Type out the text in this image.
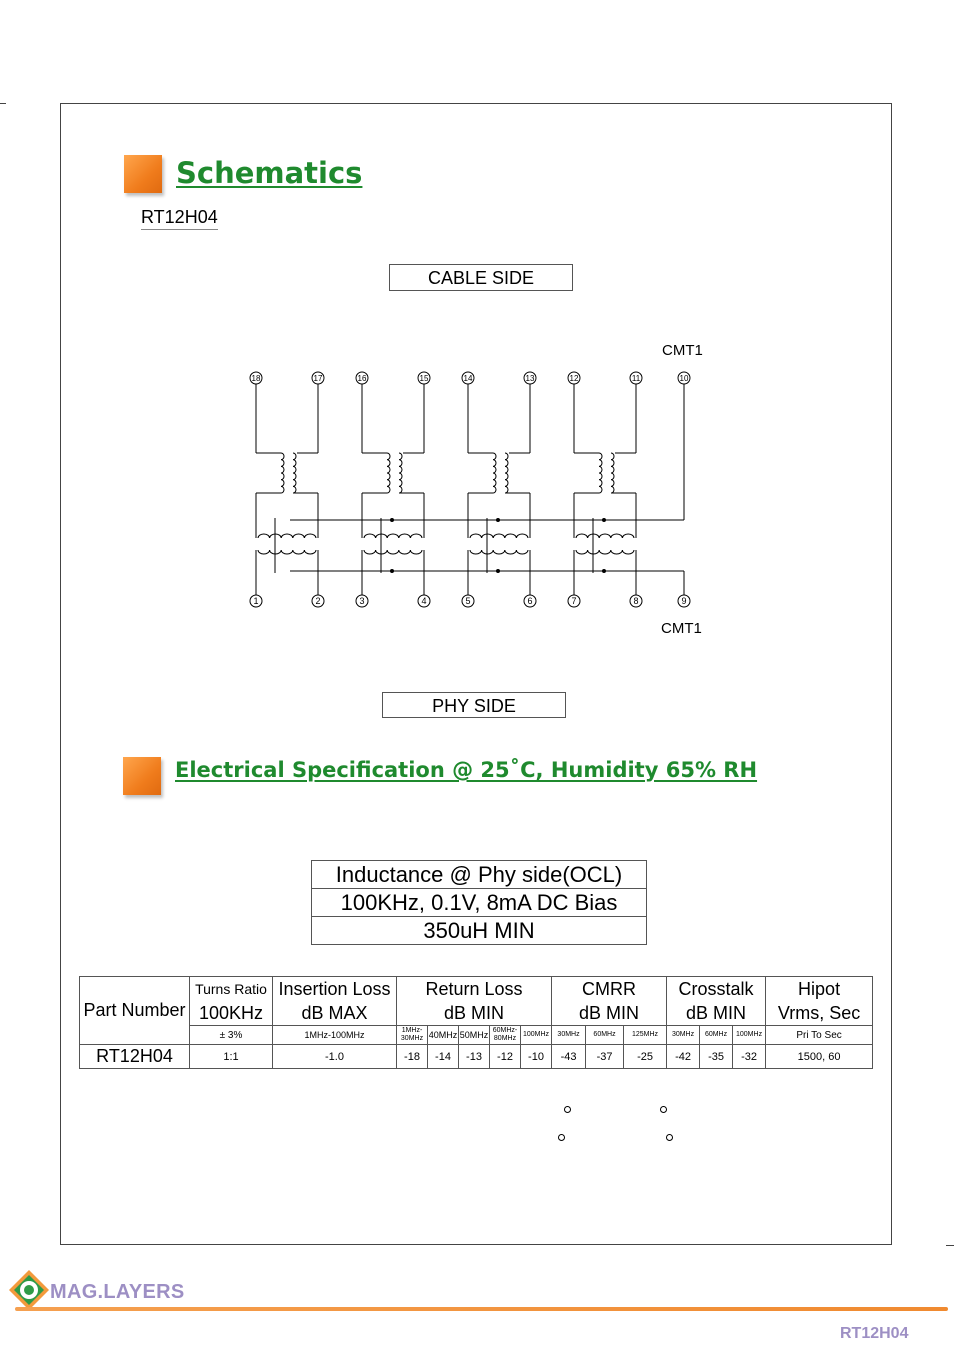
Schematics
RT12H04
CABLE SIDE
CMT1
CMT1
18	17	16	15	14	13	12	11	10
1	2	3	4	5	6	7	8	9
PHY SIDE
Electrical Specification @ 25˚C, Humidity 65% RH
Inductance @ Phy side(OCL)
100KHz, 0.1V, 8mA DC Bias
350uH MIN
Part Number	Turns Ratio	Insertion Loss	Return Loss					CMRR			Crosstalk			Hipot
	100KHz	dB MAX	dB MIN					dB MIN			dB MIN			Vrms, Sec
	± 3%	1MHz-100MHz	1MHz-30MHz	40MHz	50MHz	60MHz-80MHz	100MHz	30MHz	60MHz	125MHz	30MHz	60MHz	100MHz	Pri To Sec
RT12H04	1:1	-1.0	-18	-14	-13	-12	-10	-43	-37	-25	-42	-35	-32	1500, 60
MAG.LAYERS
RT12H04
